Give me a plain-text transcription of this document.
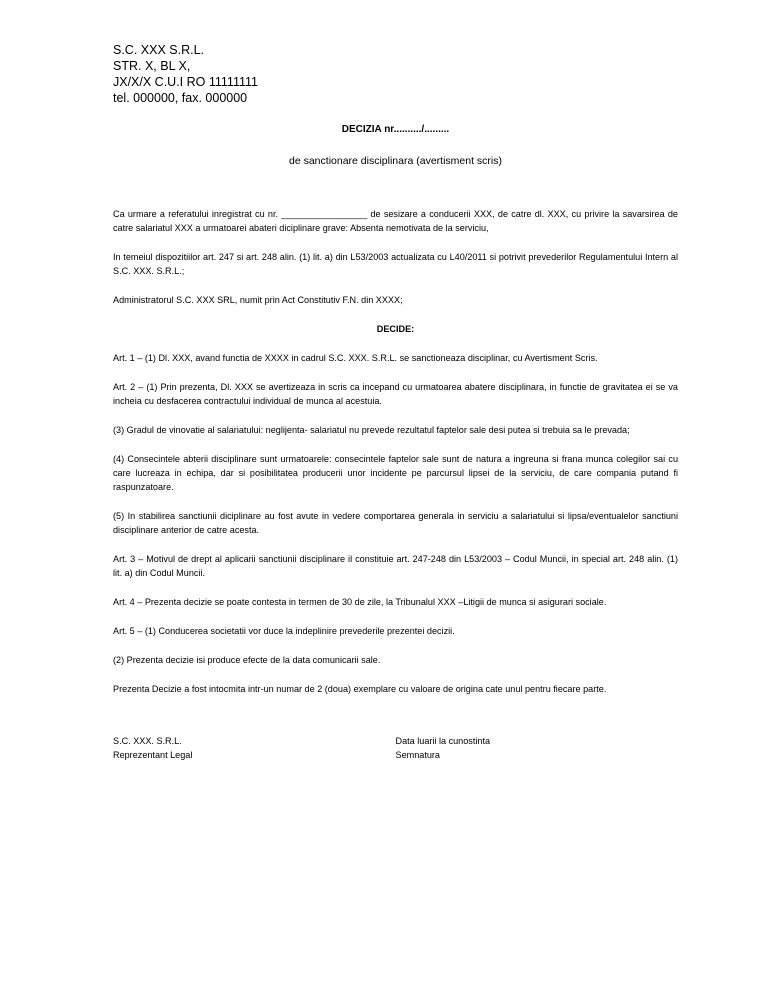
S.C. XXX S.R.L.
STR. X, BL X,
JX/X/X C.U.I RO 11111111
tel. 000000, fax. 000000
DECIZIA nr........../.........
de sanctionare disciplinara (avertisment scris)

Ca urmare a referatului inregistrat cu nr. _________________ de sesizare a conducerii XXX, de catre dl. XXX, cu privire la savarsirea de catre salariatul XXX a urmatoarei abateri diciplinare grave: Absenta nemotivata de la serviciu,

In temeiul dispozitiilor art. 247 si art. 248 alin. (1) lit. a) din L53/2003 actualizata cu L40/2011 si potrivit prevederilor Regulamentului Intern al S.C. XXX. S.R.L.;

Administratorul S.C. XXX SRL, numit prin Act Constitutiv F.N. din XXXX;

DECIDE:

Art. 1 – (1) Dl. XXX, avand functia de XXXX in cadrul S.C. XXX. S.R.L. se sanctioneaza disciplinar, cu Avertisment Scris.

Art. 2 – (1) Prin prezenta, Dl. XXX se avertizeaza in scris ca incepand cu urmatoarea abatere disciplinara, in functie de gravitatea ei se va incheia cu desfacerea contractului individual de munca al acestuia.

(3) Gradul de vinovatie al salariatului: neglijenta- salariatul nu prevede rezultatul faptelor sale desi putea si trebuia sa le prevada;

(4) Consecintele abterii disciplinare sunt urmatoarele: consecintele faptelor sale sunt de natura a ingreuna si frana munca colegilor sai cu care lucreaza in echipa, dar si posibilitatea producerii unor incidente pe parcursul lipsei de la serviciu, de care compania putand fi raspunzatoare.

(5) In stabilirea sanctiunii diciplinare au fost avute in vedere comportarea generala in serviciu a salariatului si lipsa/eventualelor sanctiuni disciplinare anterior de catre acesta.

Art. 3 – Motivul de drept al aplicarii sanctiunii disciplinare il constituie art. 247-248 din L53/2003 – Codul Muncii, in special art. 248 alin. (1) lit. a) din Codul Muncii.

Art. 4 – Prezenta decizie se poate contesta in termen de 30 de zile, la Tribunalul XXX –Litigii de munca si asigurari sociale.

Art. 5 – (1) Conducerea societatii vor duce la indeplinire prevederile prezentei decizii.

(2) Prezenta decizie isi produce efecte de la data comunicarii sale.

Prezenta Decizie a fost intocmita intr-un numar de 2 (doua) exemplare cu valoare de origina cate unul pentru fiecare parte.

S.C. XXX. S.R.L.
Reprezentant Legal
Data luarii la cunostinta
Semnatura
